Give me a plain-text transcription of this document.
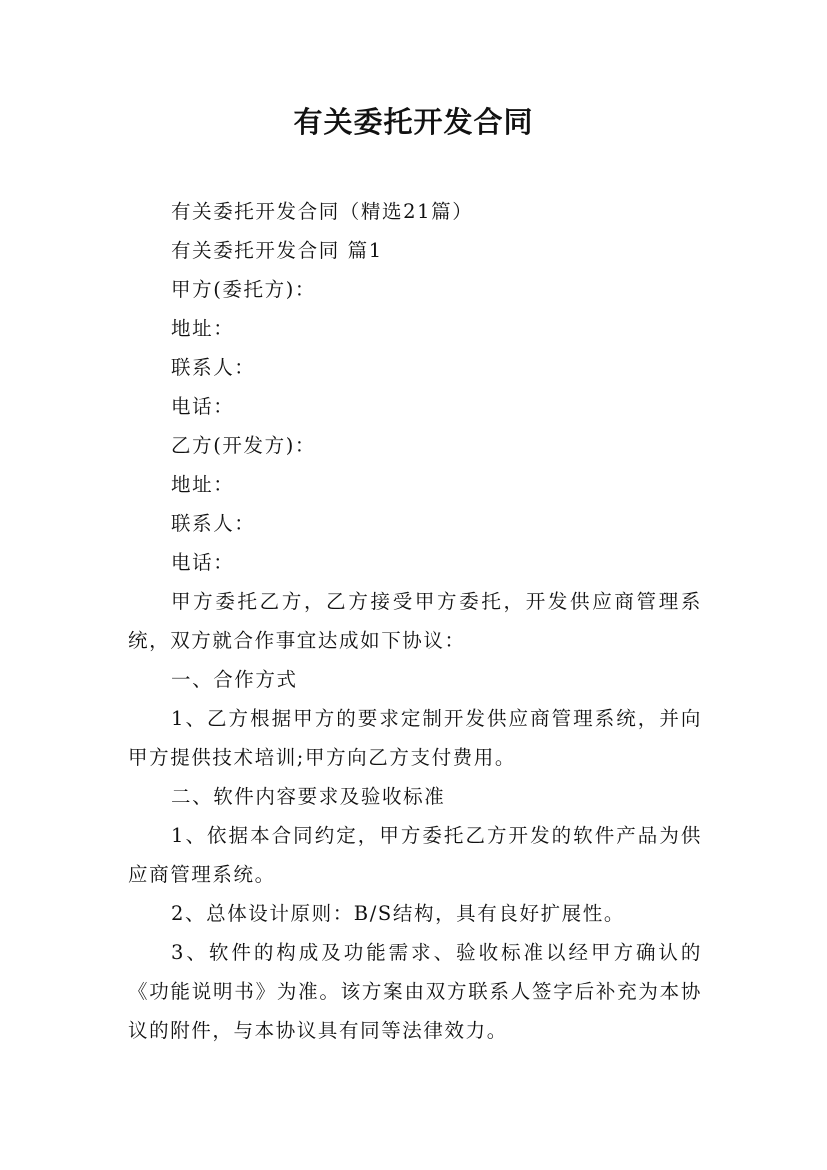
有关委托开发合同
有关委托开发合同（精选21篇）
有关委托开发合同 篇1
甲方(委托方)：
地址：
联系人：
电话：
乙方(开发方)：
地址：
联系人：
电话：
甲方委托乙方，乙方接受甲方委托，开发供应商管理系统，双方就合作事宜达成如下协议：
一、合作方式
1、乙方根据甲方的要求定制开发供应商管理系统，并向甲方提供技术培训;甲方向乙方支付费用。
二、软件内容要求及验收标准
1、依据本合同约定，甲方委托乙方开发的软件产品为供应商管理系统。
2、总体设计原则：B/S结构，具有良好扩展性。
3、软件的构成及功能需求、验收标准以经甲方确认的《功能说明书》为准。该方案由双方联系人签字后补充为本协议的附件，与本协议具有同等法律效力。
